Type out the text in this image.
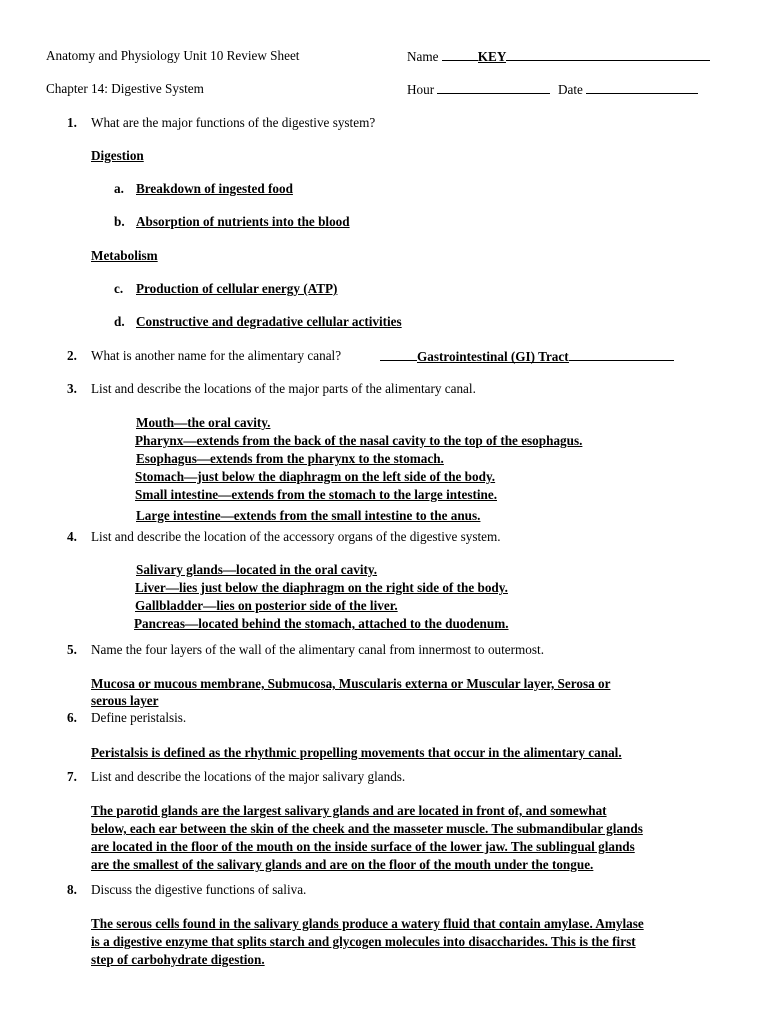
Anatomy and Physiology Unit 10 Review Sheet	Name	KEY
Chapter 14: Digestive System	Hour	Date
1. What are the major functions of the digestive system?
Digestion
a. Breakdown of ingested food
b. Absorption of nutrients into the blood
Metabolism
c. Production of cellular energy (ATP)
d. Constructive and degradative cellular activities
2. What is another name for the alimentary canal?	Gastrointestinal (GI) Tract
3. List and describe the locations of the major parts of the alimentary canal.
Mouth—the oral cavity.
Pharynx—extends from the back of the nasal cavity to the top of the esophagus.
Esophagus—extends from the pharynx to the stomach.
Stomach—just below the diaphragm on the left side of the body.
Small intestine—extends from the stomach to the large intestine.
Large intestine—extends from the small intestine to the anus.
4. List and describe the location of the accessory organs of the digestive system.
Salivary glands—located in the oral cavity.
Liver—lies just below the diaphragm on the right side of the body.
Gallbladder—lies on posterior side of the liver.
Pancreas—located behind the stomach, attached to the duodenum.
5. Name the four layers of the wall of the alimentary canal from innermost to outermost.
Mucosa or mucous membrane, Submucosa, Muscularis externa or Muscular layer, Serosa or
serous layer
6. Define peristalsis.
Peristalsis is defined as the rhythmic propelling movements that occur in the alimentary canal.
7. List and describe the locations of the major salivary glands.
The parotid glands are the largest salivary glands and are located in front of, and somewhat
below, each ear between the skin of the cheek and the masseter muscle. The submandibular glands
are located in the floor of the mouth on the inside surface of the lower jaw. The sublingual glands
are the smallest of the salivary glands and are on the floor of the mouth under the tongue.
8. Discuss the digestive functions of saliva.
The serous cells found in the salivary glands produce a watery fluid that contain amylase. Amylase
is a digestive enzyme that splits starch and glycogen molecules into disaccharides. This is the first
step of carbohydrate digestion.
